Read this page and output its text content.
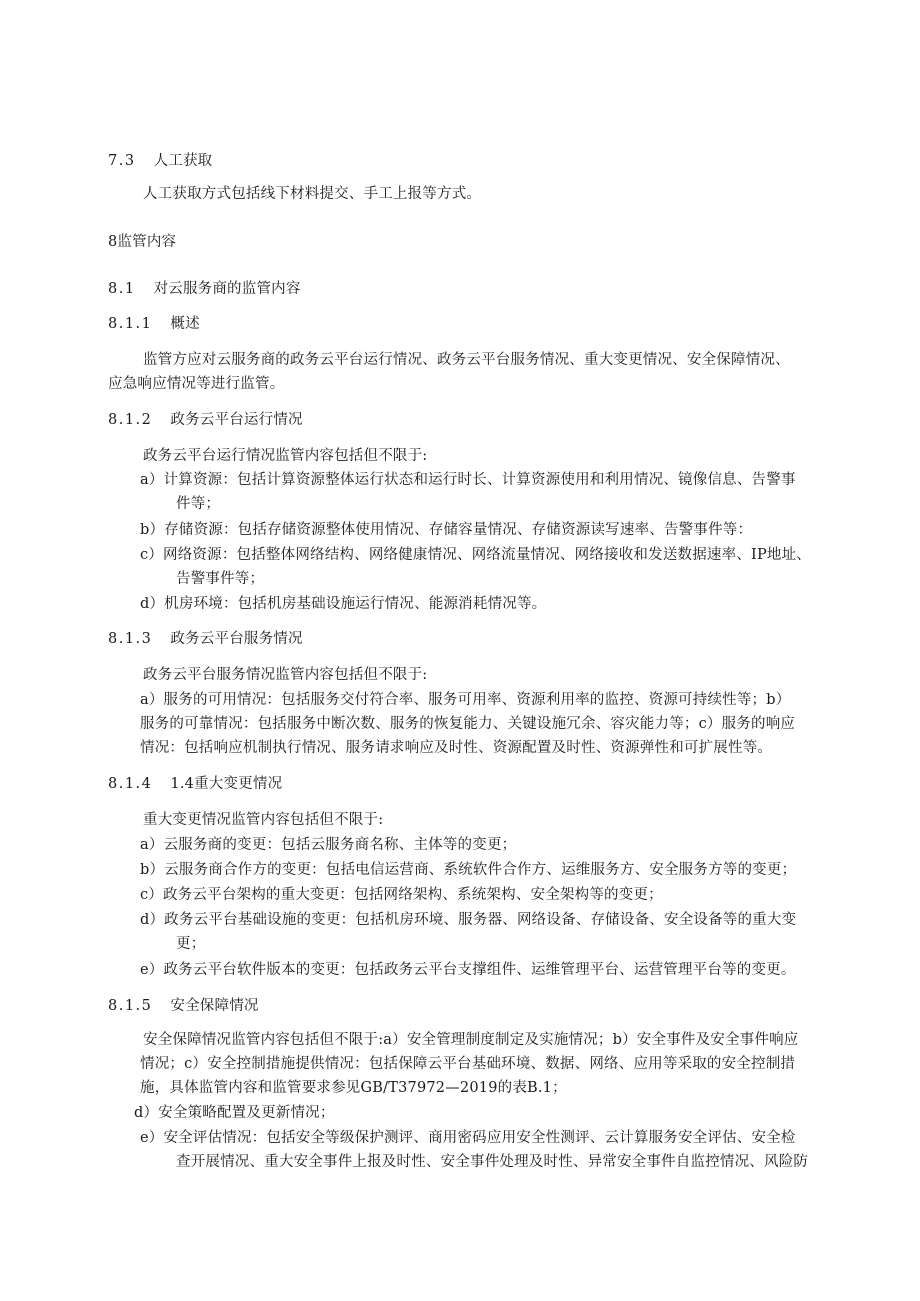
7.3 人工获取
人工获取方式包括线下材料提交、手工上报等方式。
8监管内容
8.1 对云服务商的监管内容
8.1.1 概述
监管方应对云服务商的政务云平台运行情况、政务云平台服务情况、重大变更情况、安全保障情况、
应急响应情况等进行监管。
8.1.2 政务云平台运行情况
政务云平台运行情况监管内容包括但不限于:
a）计算资源：包括计算资源整体运行状态和运行时长、计算资源使用和利用情况、镜像信息、告警事
件等；
b）存储资源：包括存储资源整体使用情况、存储容量情况、存储资源读写速率、告警事件等：
c）网络资源：包括整体网络结构、网络健康情况、网络流量情况、网络接收和发送数据速率、IP地址、
告警事件等；
d）机房环境：包括机房基础设施运行情况、能源消耗情况等。
8.1.3 政务云平台服务情况
政务云平台服务情况监管内容包括但不限于:
a）服务的可用情况：包括服务交付符合率、服务可用率、资源利用率的监控、资源可持续性等；b）
服务的可靠情况：包括服务中断次数、服务的恢复能力、关键设施冗余、容灾能力等；c）服务的响应
情况：包括响应机制执行情况、服务请求响应及时性、资源配置及时性、资源弹性和可扩展性等。
8.1.4 1.4重大变更情况
重大变更情况监管内容包括但不限于:
a）云服务商的变更：包括云服务商名称、主体等的变更；
b）云服务商合作方的变更：包括电信运营商、系统软件合作方、运维服务方、安全服务方等的变更；
c）政务云平台架构的重大变更：包括网络架构、系统架构、安全架构等的变更；
d）政务云平台基础设施的变更：包括机房环境、服务器、网络设备、存储设备、安全设备等的重大变
更；
e）政务云平台软件版本的变更：包括政务云平台支撑组件、运维管理平台、运营管理平台等的变更。
8.1.5 安全保障情况
安全保障情况监管内容包括但不限于:a）安全管理制度制定及实施情况；b）安全事件及安全事件响应
情况；c）安全控制措施提供情况：包括保障云平台基础环境、数据、网络、应用等采取的安全控制措
施，具体监管内容和监管要求参见GB/T37972—2019的表B.1；
d）安全策略配置及更新情况；
e）安全评估情况：包括安全等级保护测评、商用密码应用安全性测评、云计算服务安全评估、安全检
查开展情况、重大安全事件上报及时性、安全事件处理及时性、异常安全事件自监控情况、风险防
